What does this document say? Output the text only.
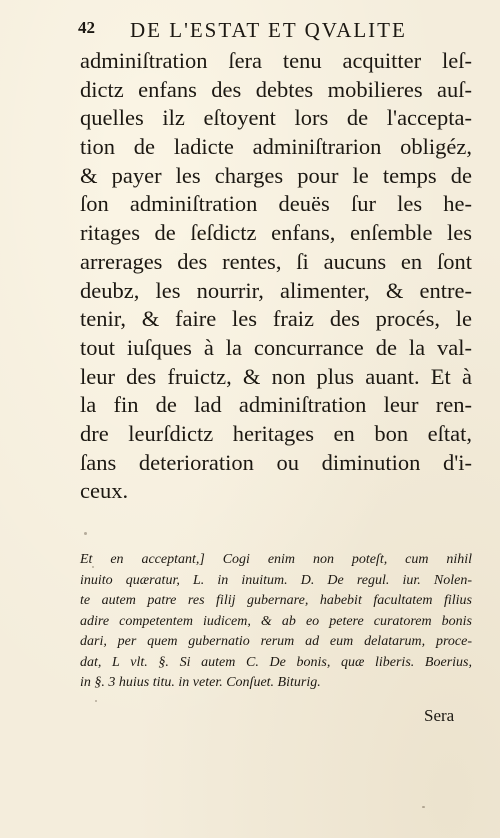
42 DE L'ESTAT ET QVALITE
adminiſtration ſera tenu acquitter leſ-
dictz enfans des debtes mobilieres auſ-
quelles ilz eſtoyent lors de l'accepta-
tion de ladicte adminiſtrarion obligéz,
& payer les charges pour le temps de
ſon adminiſtration deuës ſur les he-
ritages de ſeſdictz enfans, enſemble les
arrerages des rentes, ſi aucuns en ſont
deubz, les nourrir, alimenter, & entre-
tenir, & faire les fraiz des procés, le
tout iuſques à la concurrance de la val-
leur des fruictz, & non plus auant. Et à
la fin de lad adminiſtration leur ren-
dre leurſdictz heritages en bon eſtat,
ſans deterioration ou diminution d'i-
ceux.
Et en acceptant,] Cogi enim non poteſt, cum nihil
inuito quæratur, L. in inuitum. D. De regul. iur. Nolen-
te autem patre res filij gubernare, habebit facultatem filius
adire competentem iudicem, & ab eo petere curatorem bonis
dari, per quem gubernatio rerum ad eum delatarum, proce-
dat, L vlt. §. Si autem C. De bonis, quæ liberis. Boerius,
in §. 3 huius titu. in veter. Conſuet. Biturig.
Sera
